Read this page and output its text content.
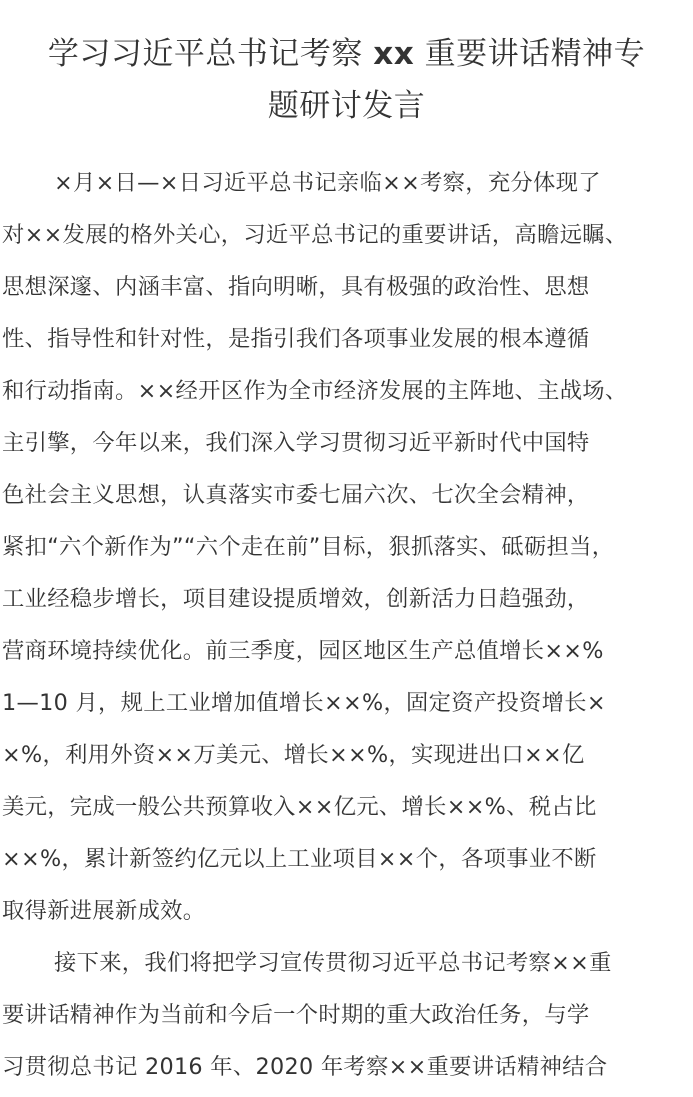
学习习近平总书记考察 xx 重要讲话精神专
题研讨发言
×月×日—×日习近平总书记亲临××考察，充分体现了
对××发展的格外关心，习近平总书记的重要讲话，高瞻远瞩、
思想深邃、内涵丰富、指向明晰，具有极强的政治性、思想
性、指导性和针对性，是指引我们各项事业发展的根本遵循
和行动指南。××经开区作为全市经济发展的主阵地、主战场、
主引擎，今年以来，我们深入学习贯彻习近平新时代中国特
色社会主义思想，认真落实市委七届六次、七次全会精神，
紧扣“六个新作为”“六个走在前”目标，狠抓落实、砥砺担当，
工业经稳步增长，项目建设提质增效，创新活力日趋强劲，
营商环境持续优化。前三季度，园区地区生产总值增长××%
1—10 月，规上工业增加值增长××%，固定资产投资增长×
×%，利用外资××万美元、增长××%，实现进出口××亿
美元，完成一般公共预算收入××亿元、增长××%、税占比
××%，累计新签约亿元以上工业项目××个，各项事业不断
取得新进展新成效。
接下来，我们将把学习宣传贯彻习近平总书记考察××重
要讲话精神作为当前和今后一个时期的重大政治任务，与学
习贯彻总书记 2016 年、2020 年考察××重要讲话精神结合
